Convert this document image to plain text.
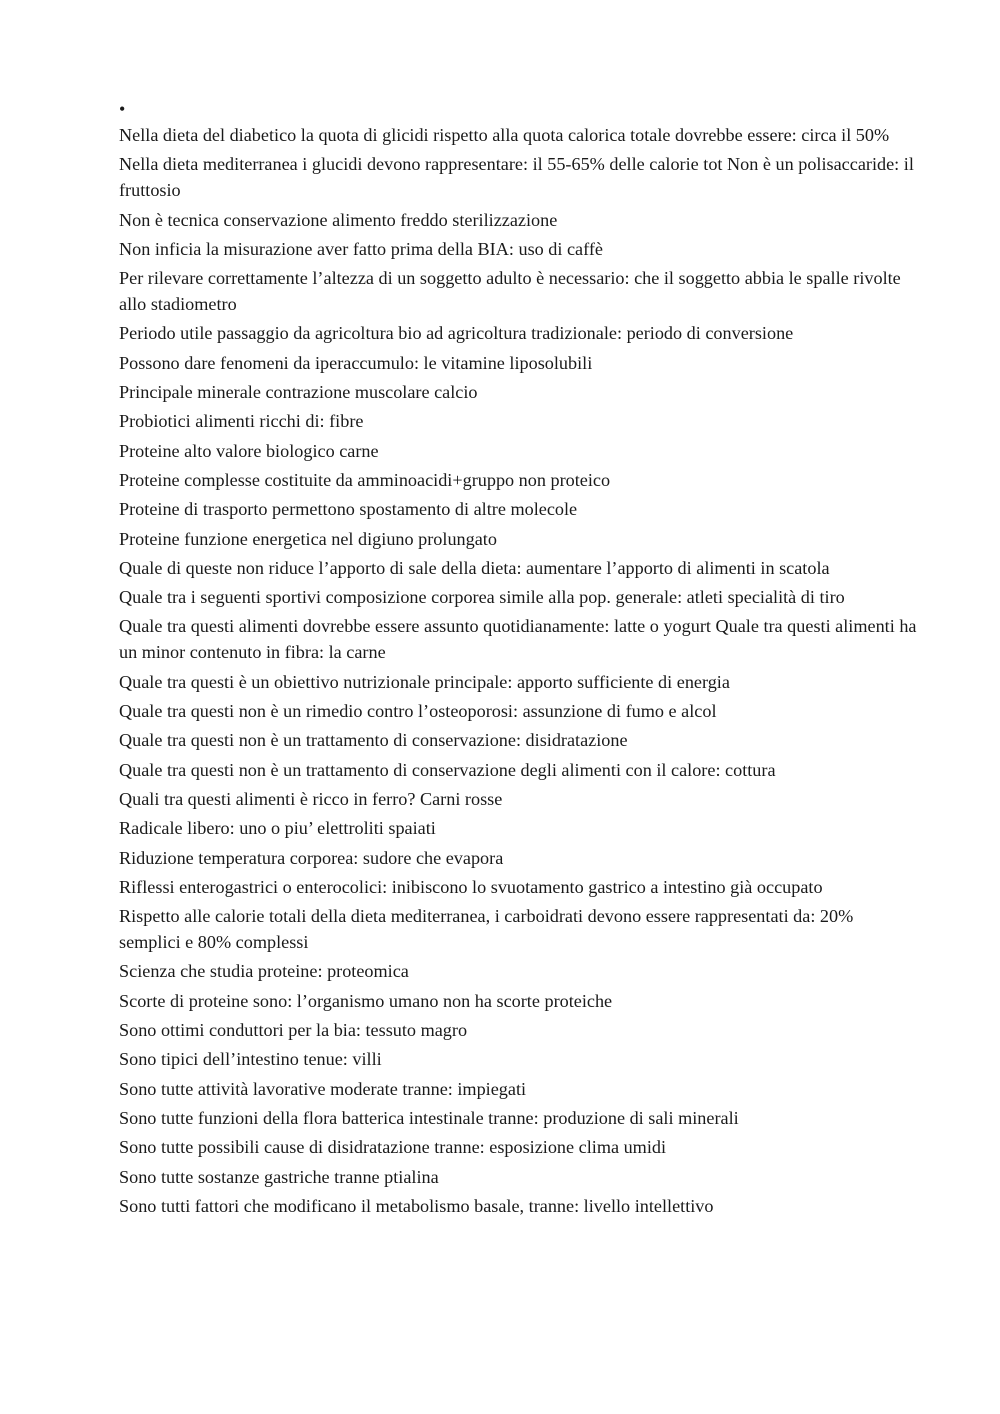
•
Nella dieta del diabetico la quota di glicidi rispetto alla quota calorica totale dovrebbe essere: circa il 50%
Nella dieta mediterranea i glucidi devono rappresentare: il 55-65% delle calorie tot Non è un polisaccaride: il fruttosio
Non è tecnica conservazione alimento freddo sterilizzazione
Non inficia la misurazione aver fatto prima della BIA: uso di caffè
Per rilevare correttamente l’altezza di un soggetto adulto è necessario: che il soggetto abbia le spalle rivolte allo stadiometro
Periodo utile passaggio da agricoltura bio ad agricoltura tradizionale: periodo di conversione
Possono dare fenomeni da iperaccumulo: le vitamine liposolubili
Principale minerale contrazione muscolare calcio
Probiotici alimenti ricchi di: fibre
Proteine alto valore biologico carne
Proteine complesse costituite da amminoacidi+gruppo non proteico
Proteine di trasporto permettono spostamento di altre molecole
Proteine funzione energetica nel digiuno prolungato
Quale di queste non riduce l’apporto di sale della dieta: aumentare l’apporto di alimenti in scatola
Quale tra i seguenti sportivi composizione corporea simile alla pop. generale: atleti specialità di tiro
Quale tra questi alimenti dovrebbe essere assunto quotidianamente: latte o yogurt Quale tra questi alimenti ha un minor contenuto in fibra: la carne
Quale tra questi è un obiettivo nutrizionale principale: apporto sufficiente di energia
Quale tra questi non è un rimedio contro l’osteoporosi: assunzione di fumo e alcol
Quale tra questi non è un trattamento di conservazione: disidratazione
Quale tra questi non è un trattamento di conservazione degli alimenti con il calore: cottura
Quali tra questi alimenti è ricco in ferro? Carni rosse
Radicale libero: uno o piu’ elettroliti spaiati
Riduzione temperatura corporea: sudore che evapora
Riflessi enterogastrici o enterocolici: inibiscono lo svuotamento gastrico a intestino già occupato
Rispetto alle calorie totali della dieta mediterranea, i carboidrati devono essere rappresentati da: 20% semplici e 80% complessi
Scienza che studia proteine: proteomica
Scorte di proteine sono: l’organismo umano non ha scorte proteiche
Sono ottimi conduttori per la bia: tessuto magro
Sono tipici dell’intestino tenue: villi
Sono tutte attività lavorative moderate tranne: impiegati
Sono tutte funzioni della flora batterica intestinale tranne: produzione di sali minerali
Sono tutte possibili cause di disidratazione tranne: esposizione clima umidi
Sono tutte sostanze gastriche tranne ptialina
Sono tutti fattori che modificano il metabolismo basale, tranne: livello intellettivo
